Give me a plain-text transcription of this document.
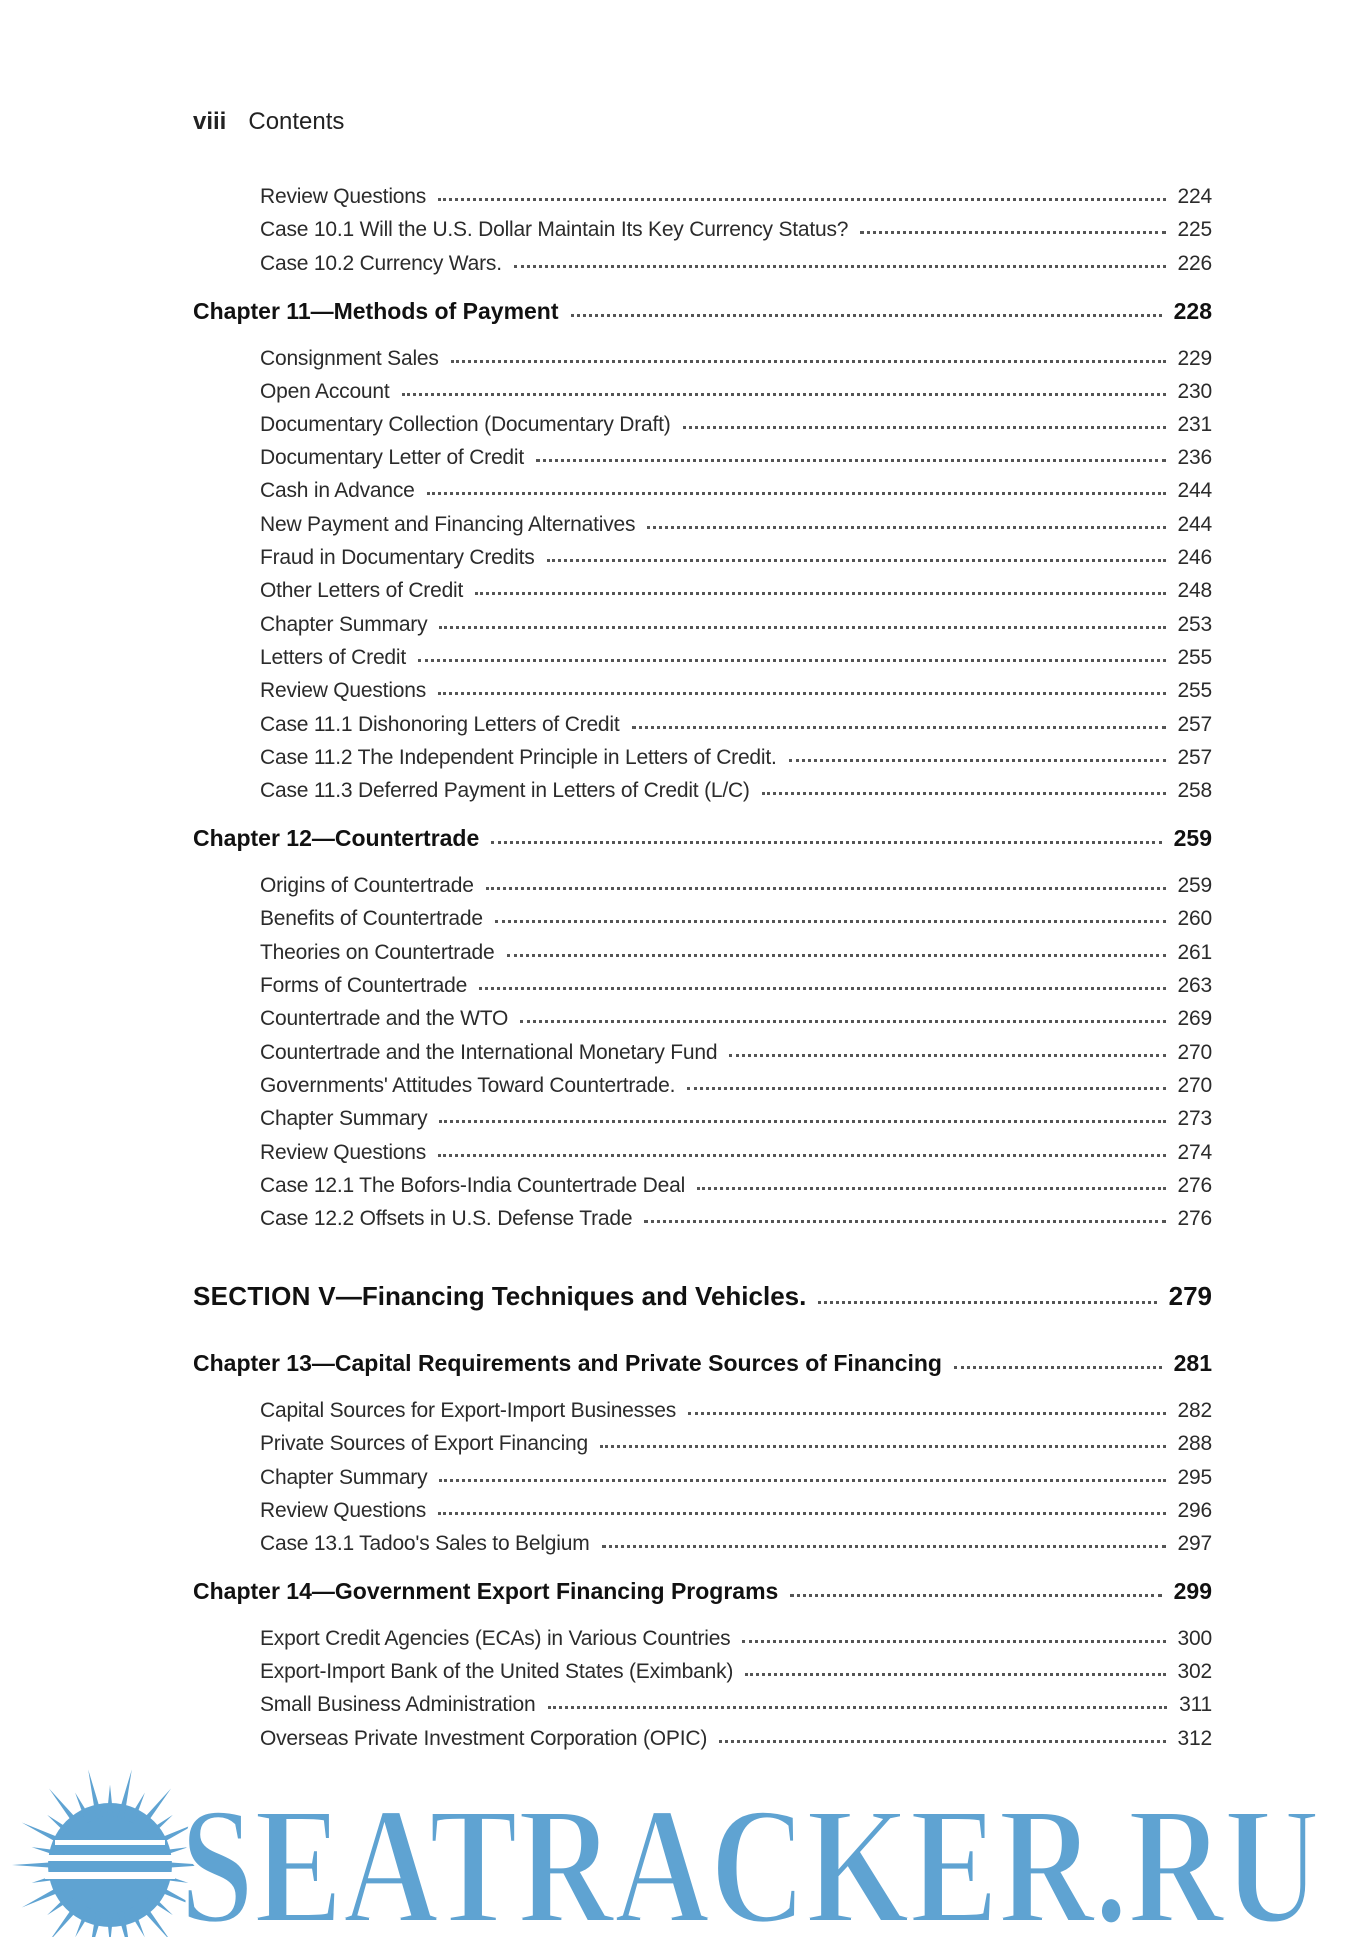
viii Contents
Review Questions	224
Case 10.1 Will the U.S. Dollar Maintain Its Key Currency Status?	225
Case 10.2 Currency Wars.	226
Chapter 11—Methods of Payment	228
Consignment Sales	229
Open Account	230
Documentary Collection (Documentary Draft)	231
Documentary Letter of Credit	236
Cash in Advance	244
New Payment and Financing Alternatives	244
Fraud in Documentary Credits	246
Other Letters of Credit	248
Chapter Summary	253
Letters of Credit	255
Review Questions	255
Case 11.1 Dishonoring Letters of Credit	257
Case 11.2 The Independent Principle in Letters of Credit.	257
Case 11.3 Deferred Payment in Letters of Credit (L/C)	258
Chapter 12—Countertrade	259
Origins of Countertrade	259
Benefits of Countertrade	260
Theories on Countertrade	261
Forms of Countertrade	263
Countertrade and the WTO	269
Countertrade and the International Monetary Fund	270
Governments' Attitudes Toward Countertrade.	270
Chapter Summary	273
Review Questions	274
Case 12.1 The Bofors-India Countertrade Deal	276
Case 12.2 Offsets in U.S. Defense Trade	276
SECTION V—Financing Techniques and Vehicles.	279
Chapter 13—Capital Requirements and Private Sources of Financing	281
Capital Sources for Export-Import Businesses	282
Private Sources of Export Financing	288
Chapter Summary	295
Review Questions	296
Case 13.1 Tadoo's Sales to Belgium	297
Chapter 14—Government Export Financing Programs	299
Export Credit Agencies (ECAs) in Various Countries	300
Export-Import Bank of the United States (Eximbank)	302
Small Business Administration	311
Overseas Private Investment Corporation (OPIC)	312
SEATRACKER.RU
